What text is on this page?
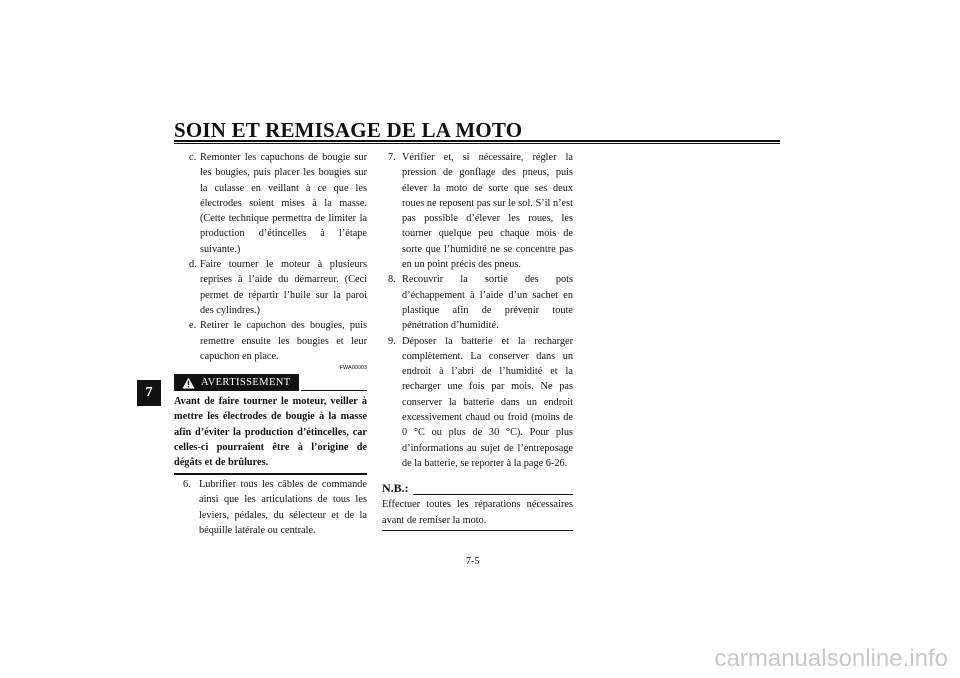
SOIN ET REMISAGE DE LA MOTO
7
c. Remonter les capuchons de bougie sur les bougies, puis placer les bougies sur la culasse en veillant à ce que les électrodes soient mises à la masse. (Cette technique permettra de limiter la production d’étincelles à l’étape suivante.)
d. Faire tourner le moteur à plusieurs reprises à l’aide du démarreur. (Ceci permet de répartir l’huile sur la paroi des cylindres.)
e. Retirer le capuchon des bougies, puis remettre ensuite les bougies et leur capuchon en place.
FWA00003
AVERTISSEMENT
Avant de faire tourner le moteur, veiller à mettre les électrodes de bougie à la masse afin d’éviter la production d’étincelles, car celles-ci pourraient être à l’origine de dégâts et de brûlures.
6. Lubrifier tous les câbles de commande ainsi que les articulations de tous les leviers, pédales, du sélecteur et de la béquille latérale ou centrale.
7. Vérifier et, si nécessaire, régler la pression de gonflage des pneus, puis élever la moto de sorte que ses deux roues ne reposent pas sur le sol. S’il n’est pas possible d’élever les roues, les tourner quelque peu chaque mois de sorte que l’humidité ne se concentre pas en un point précis des pneus.
8. Recouvrir la sortie des pots d’échappement à l’aide d’un sachet en plastique afin de prévenir toute pénétration d’humidité.
9. Déposer la batterie et la recharger complètement. La conserver dans un endroit à l’abri de l’humidité et la recharger une fois par mois. Ne pas conserver la batterie dans un endroit excessivement chaud ou froid (moins de 0 °C ou plus de 30 °C). Pour plus d’informations au sujet de l’entreposage de la batterie, se reporter à la page 6-26.
N.B.:
Effectuer toutes les réparations nécessaires avant de remiser la moto.
7-5
carmanualsonline.info
